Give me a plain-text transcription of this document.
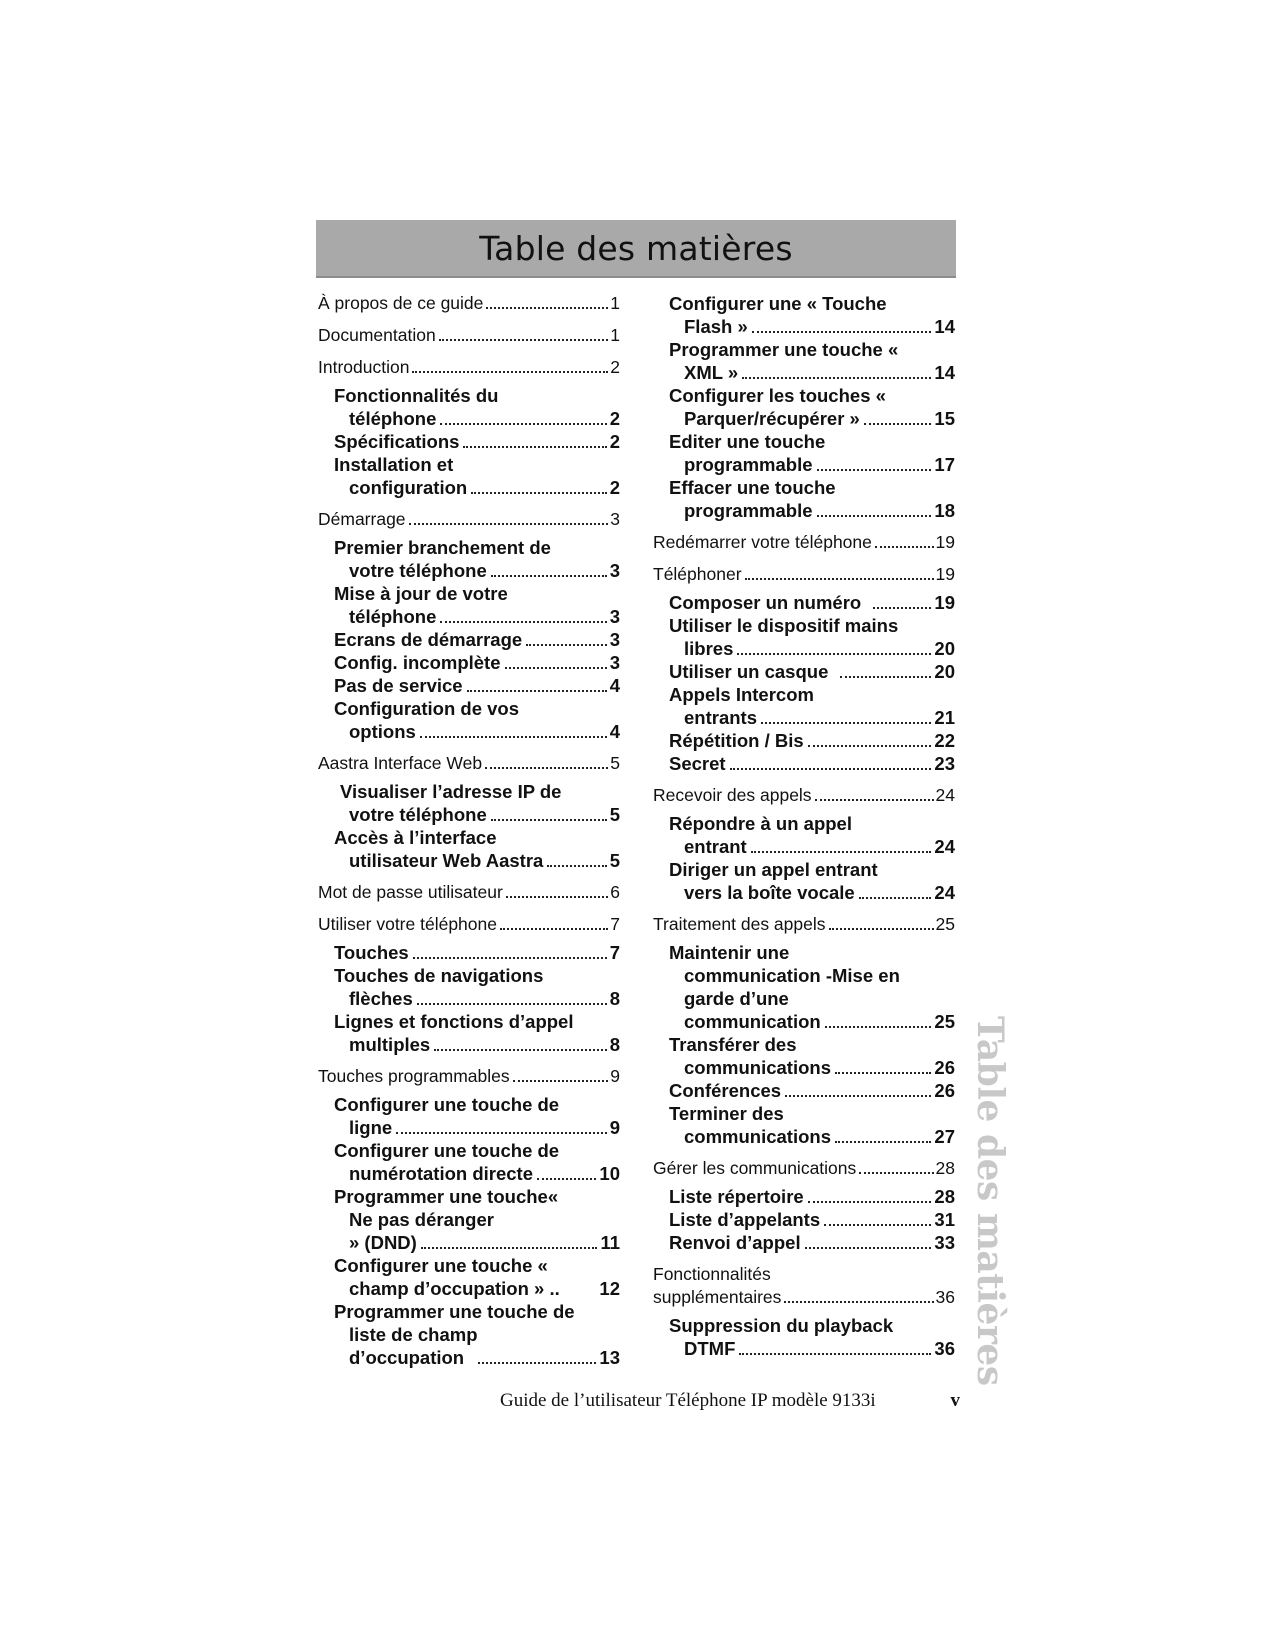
Table des matières
À propos de ce guide	1
Documentation	1
Introduction	2
Fonctionnalités du
téléphone	2
Spécifications	2
Installation et
configuration	2
Démarrage	3
Premier branchement de
votre téléphone	3
Mise à jour de votre
téléphone	3
Ecrans de démarrage	3
Config. incomplète	3
Pas de service	4
Configuration de vos
options	4
Aastra Interface Web	5
Visualiser l’adresse IP de
votre téléphone	5
Accès à l’interface
utilisateur Web Aastra	5
Mot de passe utilisateur	6
Utiliser votre téléphone	7
Touches	7
Touches de navigations
flèches	8
Lignes et fonctions d’appel
multiples	8
Touches programmables	9
Configurer une touche de
ligne	9
Configurer une touche de
numérotation directe	10
Programmer une touche«
Ne pas déranger
» (DND)	11
Configurer une touche «
champ d’occupation » .. 12
Programmer une touche de
liste de champ
d’occupation	13
Configurer une « Touche
Flash »	14
Programmer une touche «
XML »	14
Configurer les touches «
Parquer/récupérer »	15
Editer une touche
programmable	17
Effacer une touche
programmable	18
Redémarrer votre téléphone	19
Téléphoner	19
Composer un numéro	19
Utiliser le dispositif mains
libres	20
Utiliser un casque	20
Appels Intercom
entrants	21
Répétition / Bis	22
Secret	23
Recevoir des appels	24
Répondre à un appel
entrant	24
Diriger un appel entrant
vers la boîte vocale	24
Traitement des appels	25
Maintenir une
communication -Mise en
garde d’une
communication	25
Transférer des
communications	26
Conférences	26
Terminer des
communications	27
Gérer les communications	28
Liste répertoire	28
Liste d’appelants	31
Renvoi d’appel	33
Fonctionnalités
supplémentaires	36
Suppression du playback
DTMF	36 Table des matières
Guide de l’utilisateur Téléphone IP modèle 9133i	v
